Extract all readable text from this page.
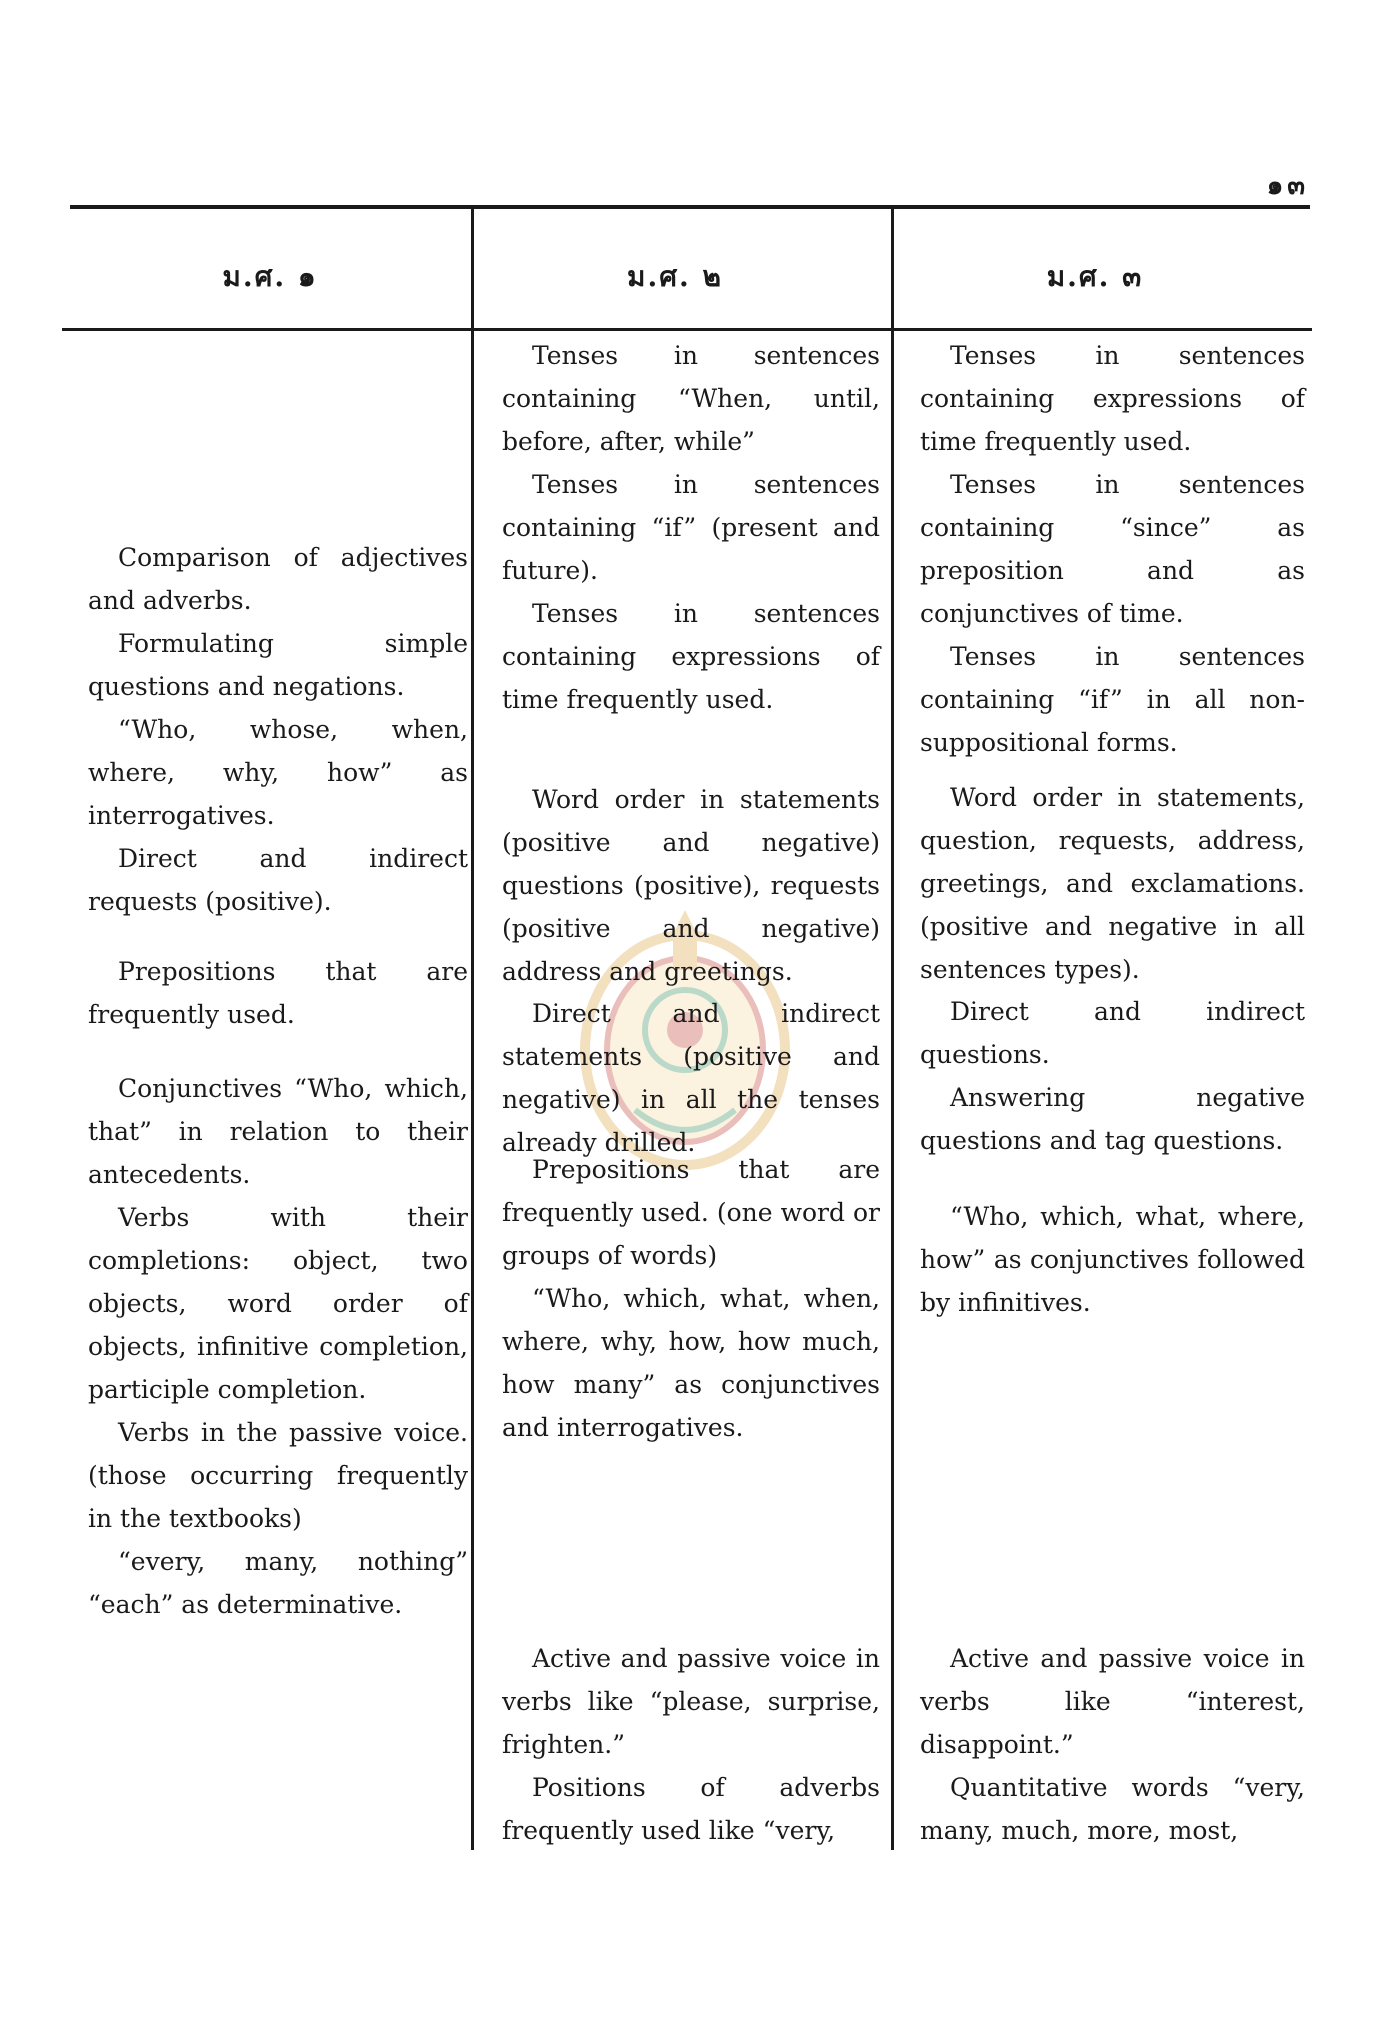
๑๓
ม.ศ. ๑	ม.ศ. ๒	ม.ศ. ๓

Comparison of adjectives and adverbs.

Formulating simple questions and negations.

“Who, whose, when, where, why, how” as interrogatives.

Direct and indirect requests (positive).

Prepositions that are frequently used.

Conjunctives “Who, which, that” in relation to their antecedents.

Verbs with their completions: object, two objects, word order of objects, infinitive completion, participle completion.

Verbs in the passive voice. (those occurring frequently in the textbooks)

“every, many, nothing” “each” as determinative.

Tenses in sentences containing “When, until, before, after, while”

Tenses in sentences containing “if” (present and future).

Tenses in sentences containing expressions of time frequently used.

Word order in statements (positive and negative) questions (positive), requests (positive and negative) address and greetings.

Direct and indirect statements (positive and negative) in all the tenses already drilled.

Prepositions that are frequently used. (one word or groups of words)

“Who, which, what, when, where, why, how, how much, how many” as conjunctives and interrogatives.

Active and passive voice in verbs like “please, surprise, frighten.”

Positions of adverbs frequently used like “very,

Tenses in sentences containing expressions of time frequently used.

Tenses in sentences containing “since” as preposition and as conjunctives of time.

Tenses in sentences containing “if” in all non-suppositional forms.

Word order in statements, question, requests, address, greetings, and exclamations. (positive and negative in all sentences types).

Direct and indirect questions.

Answering negative questions and tag questions.

“Who, which, what, where, how” as conjunctives followed by infinitives.

Active and passive voice in verbs like “interest, disappoint.”

Quantitative words “very, many, much, more, most,
